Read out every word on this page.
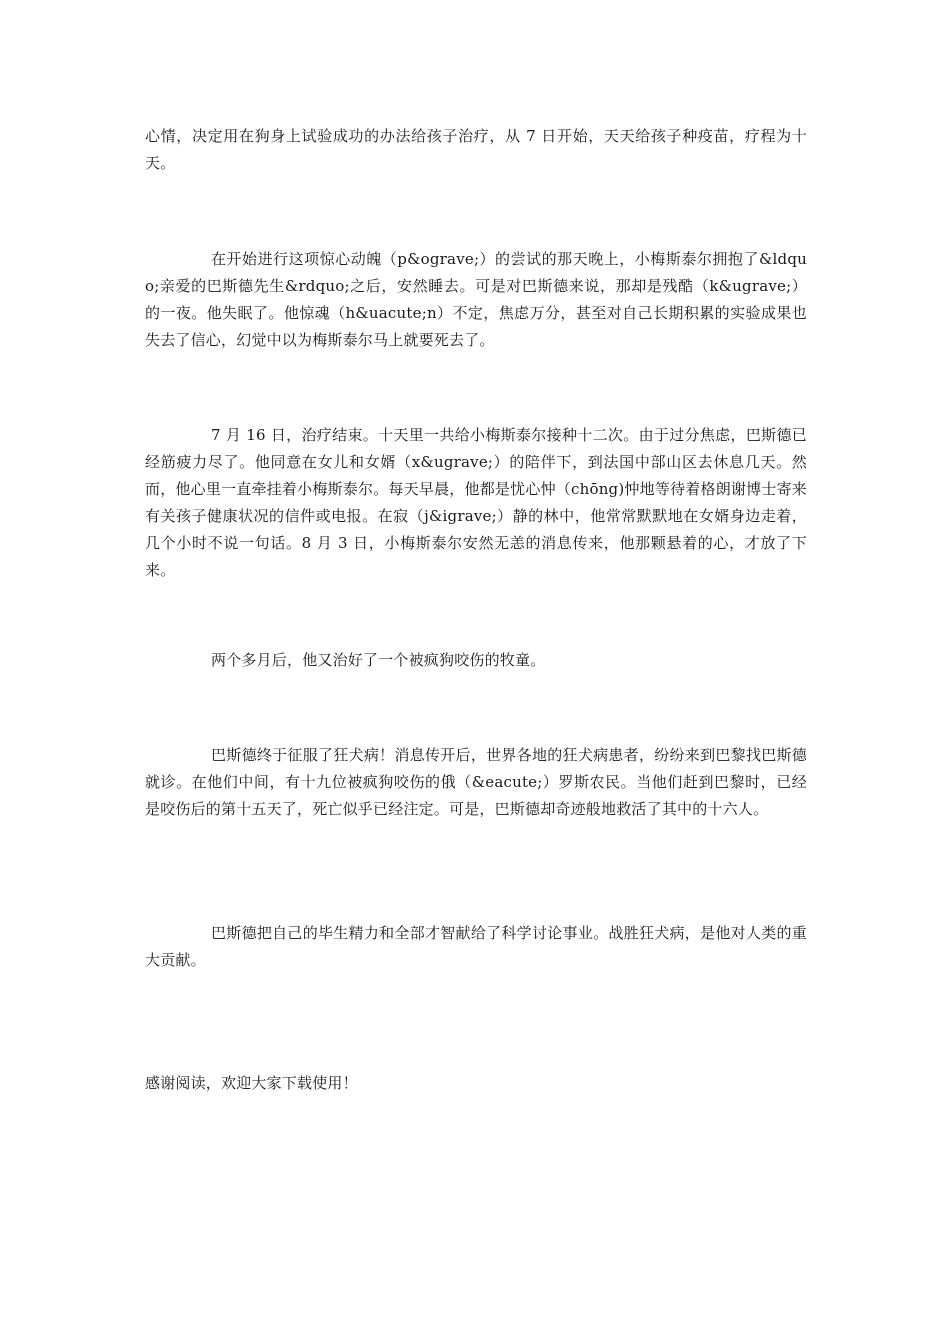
心情，决定用在狗身上试验成功的办法给孩子治疗，从 7 日开始，天天给孩子种疫苗，疗程为十天。

在开始进行这项惊心动魄（p&ograve;）的尝试的那天晚上，小梅斯泰尔拥抱了&ldquo;亲爱的巴斯德先生&rdquo;之后，安然睡去。可是对巴斯德来说，那却是残酷（k&ugrave;）的一夜。他失眠了。他惊魂（h&uacute;n）不定，焦虑万分，甚至对自己长期积累的实验成果也失去了信心，幻觉中以为梅斯泰尔马上就要死去了。

7 月 16 日，治疗结束。十天里一共给小梅斯泰尔接种十二次。由于过分焦虑，巴斯德已经筋疲力尽了。他同意在女儿和女婿（x&ugrave;）的陪伴下，到法国中部山区去休息几天。然而，他心里一直牵挂着小梅斯泰尔。每天早晨，他都是忧心忡（chōng)忡地等待着格朗谢博士寄来有关孩子健康状况的信件或电报。在寂（j&igrave;）静的林中，他常常默默地在女婿身边走着，几个小时不说一句话。8 月 3 日，小梅斯泰尔安然无恙的消息传来，他那颗悬着的心，才放了下来。

两个多月后，他又治好了一个被疯狗咬伤的牧童。

巴斯德终于征服了狂犬病！消息传开后，世界各地的狂犬病患者，纷纷来到巴黎找巴斯德就诊。在他们中间，有十九位被疯狗咬伤的俄（&eacute;）罗斯农民。当他们赶到巴黎时，已经是咬伤后的第十五天了，死亡似乎已经注定。可是，巴斯德却奇迹般地救活了其中的十六人。

巴斯德把自己的毕生精力和全部才智献给了科学讨论事业。战胜狂犬病，是他对人类的重大贡献。

感谢阅读，欢迎大家下载使用！
